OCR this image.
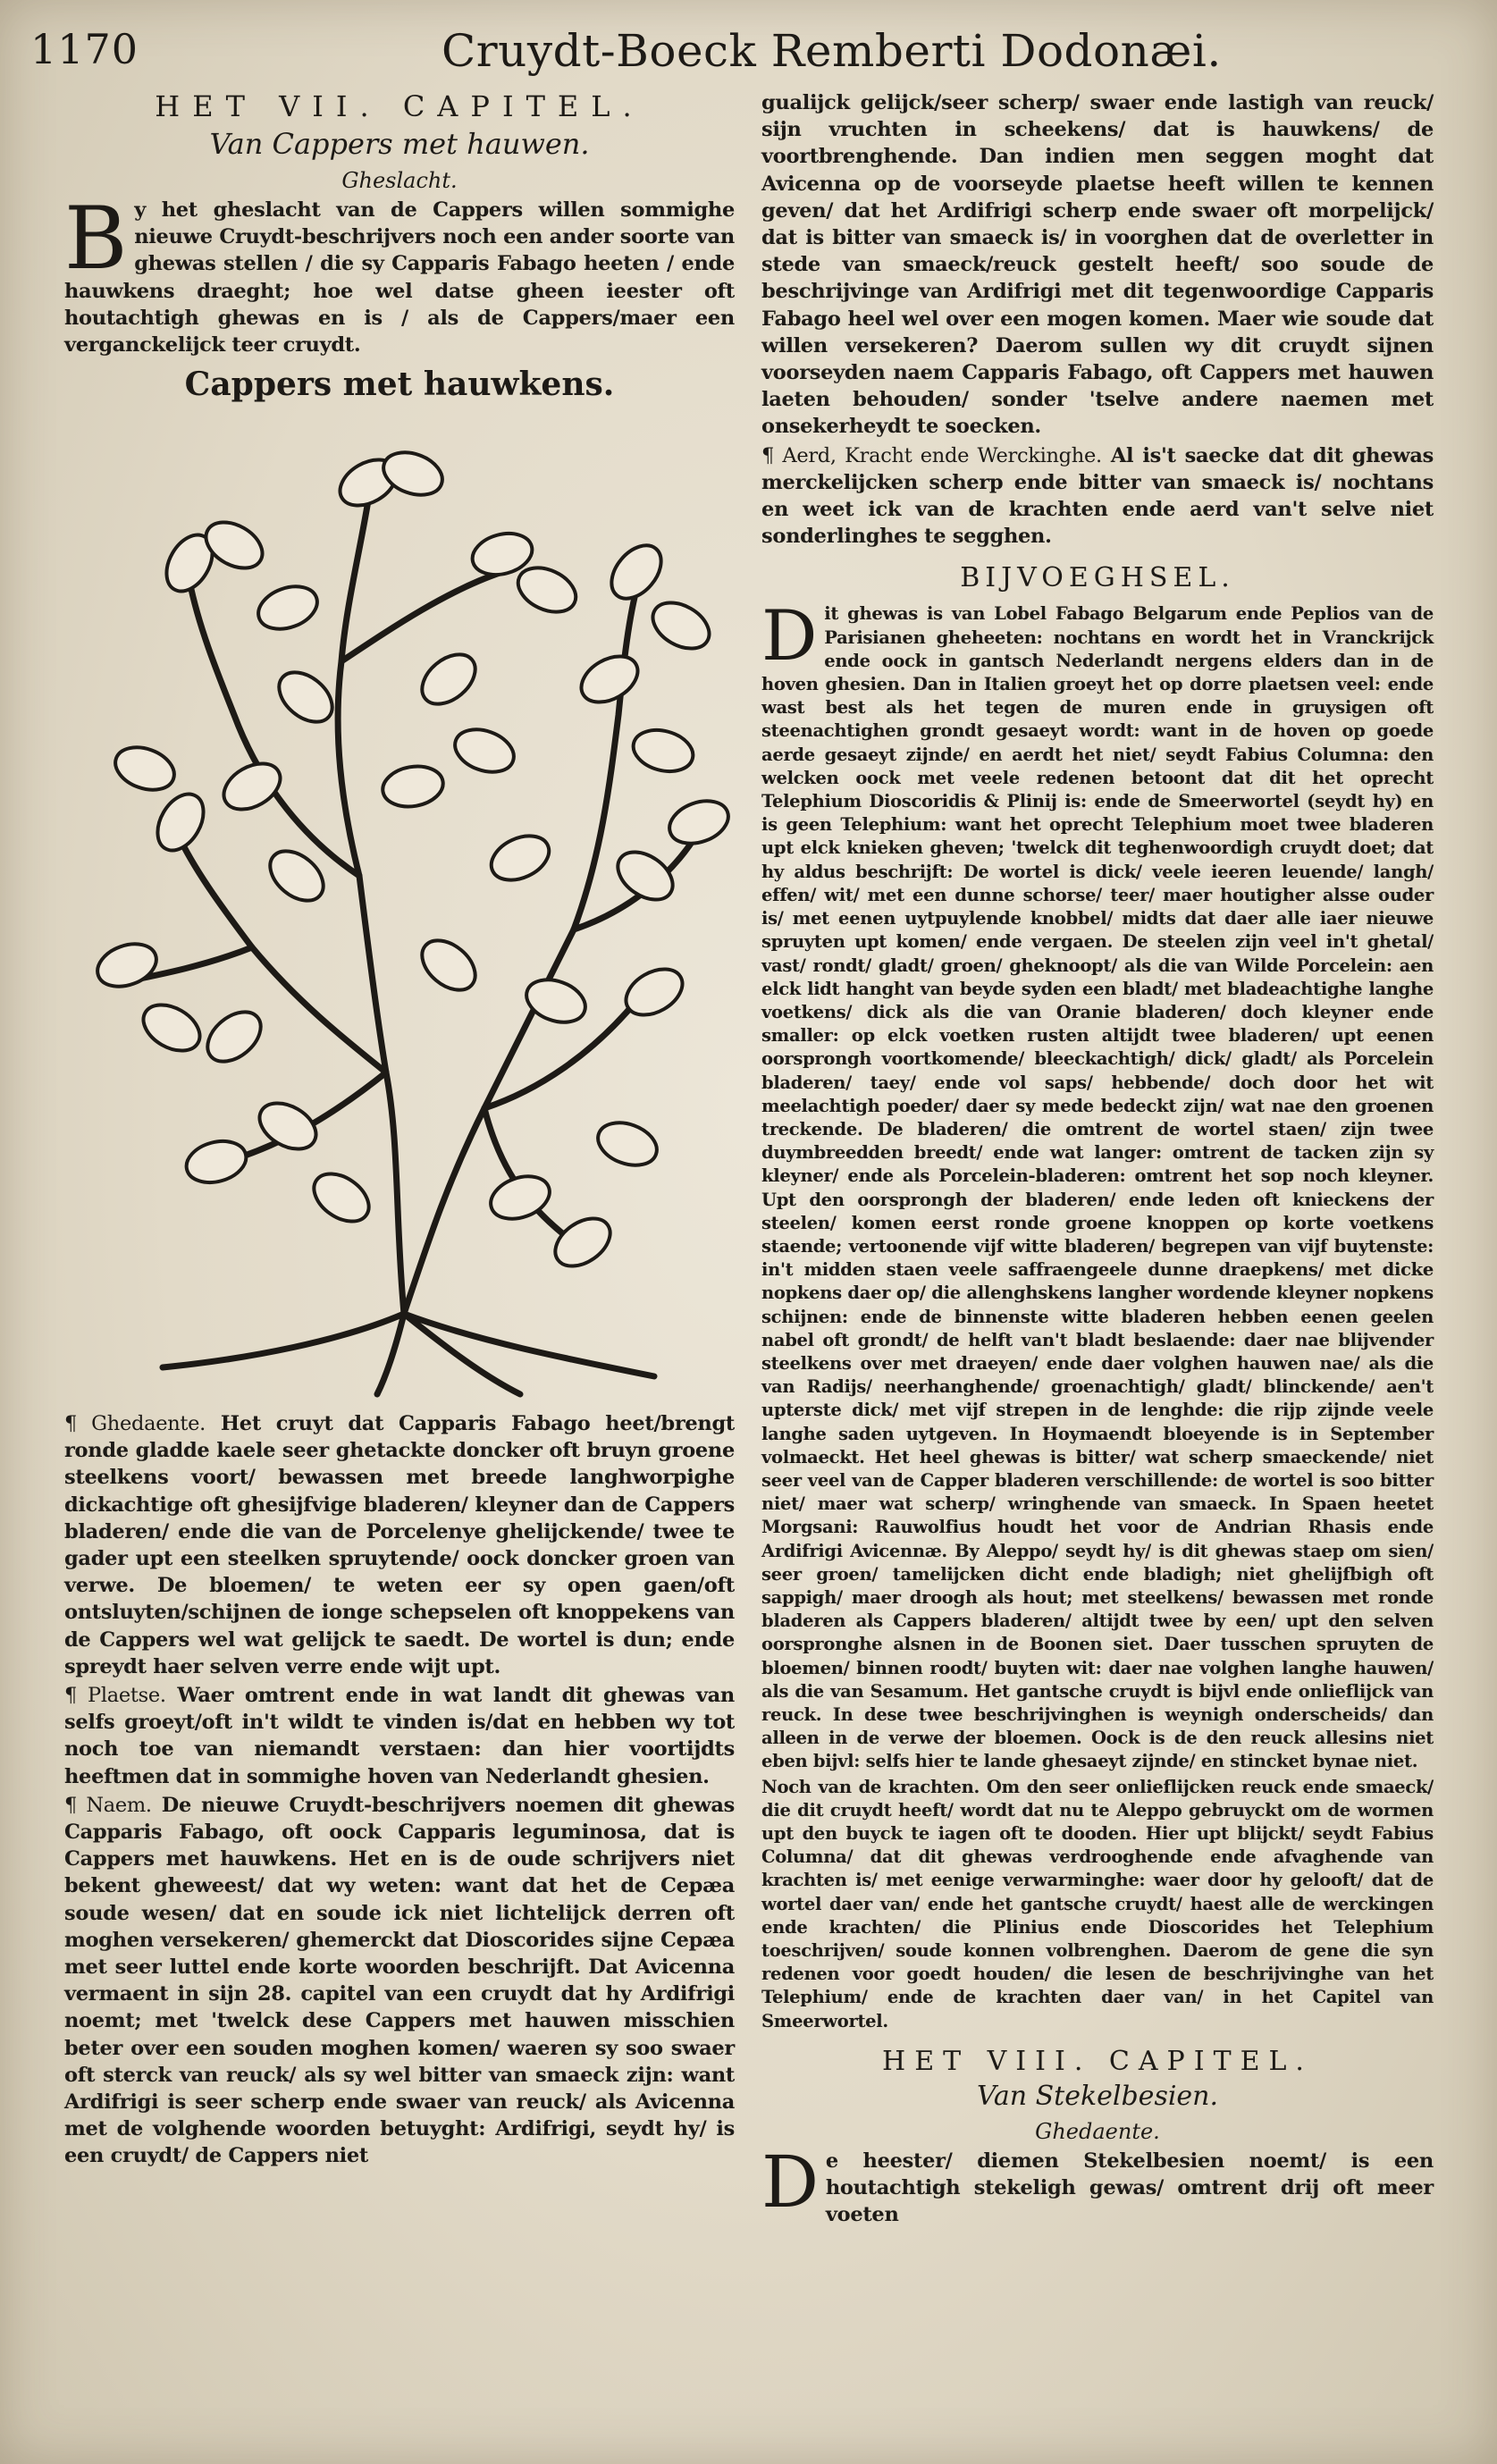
1170	Cruydt-Boeck Remberti Dodonæi.

HET VII. CAPITEL.

Van Cappers met hauwen.

Gheslacht.

By het gheslacht van de Cappers willen sommighe nieuwe Cruydt-beschrijvers noch een ander soorte van ghewas stellen / die sy Capparis Fabago heeten / ende hauwkens draeght; hoe wel datse gheen ieester oft houtachtigh ghewas en is / als de Cappers/maer een verganckelijck teer cruydt.

Cappers met hauwkens.

¶ Ghedaente. Het cruyt dat Capparis Fabago heet/brengt ronde gladde kaele seer ghetackte doncker oft bruyn groene steelkens voort/ bewassen met breede langhworpighe dickachtige oft ghesijfvige bladeren/ kleyner dan de Cappers bladeren/ ende die van de Porcelenye ghelijckende/ twee te gader upt een steelken spruytende/ oock doncker groen van verwe. De bloemen/ te weten eer sy open gaen/oft ontsluyten/schijnen de ionge schepselen oft knoppekens van de Cappers wel wat gelijck te saedt. De wortel is dun; ende spreydt haer selven verre ende wijt upt.

¶ Plaetse. Waer omtrent ende in wat landt dit ghewas van selfs groeyt/oft in't wildt te vinden is/dat en hebben wy tot noch toe van niemandt verstaen: dan hier voortijdts heeftmen dat in sommighe hoven van Nederlandt ghesien.

¶ Naem. De nieuwe Cruydt-beschrijvers noemen dit ghewas Capparis Fabago, oft oock Capparis leguminosa, dat is Cappers met hauwkens. Het en is de oude schrijvers niet bekent gheweest/ dat wy weten: want dat het de Cepæa soude wesen/ dat en soude ick niet lichtelijck derren oft moghen versekeren/ ghemerckt dat Dioscorides sijne Cepæa met seer luttel ende korte woorden beschrijft. Dat Avicenna vermaent in sijn 28. capitel van een cruydt dat hy Ardifrigi noemt; met 'twelck dese Cappers met hauwen misschien beter over een souden moghen komen/ waeren sy soo swaer oft sterck van reuck/ als sy wel bitter van smaeck zijn: want Ardifrigi is seer scherp ende swaer van reuck/ als Avicenna met de volghende woorden betuyght: Ardifrigi, seydt hy/ is een cruydt/ de Cappers niet

gualijck gelijck/seer scherp/ swaer ende lastigh van reuck/ sijn vruchten in scheekens/ dat is hauwkens/ de voortbrenghende. Dan indien men seggen moght dat Avicenna op de voorseyde plaetse heeft willen te kennen geven/ dat het Ardifrigi scherp ende swaer oft morpelijck/ dat is bitter van smaeck is/ in voorghen dat de overletter in stede van smaeck/reuck gestelt heeft/ soo soude de beschrijvinge van Ardifrigi met dit tegenwoordige Capparis Fabago heel wel over een mogen komen. Maer wie soude dat willen versekeren? Daerom sullen wy dit cruydt sijnen voorseyden naem Capparis Fabago, oft Cappers met hauwen laeten behouden/ sonder 'tselve andere naemen met onsekerheydt te soecken.

¶ Aerd, Kracht ende Werckinghe. Al is't saecke dat dit ghewas merckelijcken scherp ende bitter van smaeck is/ nochtans en weet ick van de krachten ende aerd van't selve niet sonderlinghes te segghen.

BIJVOEGHSEL.

Dit ghewas is van Lobel Fabago Belgarum ende Peplios van de Parisianen gheheeten: nochtans en wordt het in Vranckrijck ende oock in gantsch Nederlandt nergens elders dan in de hoven ghesien. Dan in Italien groeyt het op dorre plaetsen veel: ende wast best als het tegen de muren ende in gruysigen oft steenachtighen grondt gesaeyt wordt: want in de hoven op goede aerde gesaeyt zijnde/ en aerdt het niet/ seydt Fabius Columna: den welcken oock met veele redenen betoont dat dit het oprecht Telephium Dioscoridis & Plinij is: ende de Smeerwortel (seydt hy) en is geen Telephium: want het oprecht Telephium moet twee bladeren upt elck knieken gheven; 'twelck dit teghenwoordigh cruydt doet; dat hy aldus beschrijft: De wortel is dick/ veele ieeren leuende/ langh/ effen/ wit/ met een dunne schorse/ teer/ maer houtigher alsse ouder is/ met eenen uytpuylende knobbel/ midts dat daer alle iaer nieuwe spruyten upt komen/ ende vergaen. De steelen zijn veel in't ghetal/ vast/ rondt/ gladt/ groen/ gheknoopt/ als die van Wilde Porcelein: aen elck lidt hanght van beyde syden een bladt/ met bladeachtighe langhe voetkens/ dick als die van Oranie bladeren/ doch kleyner ende smaller: op elck voetken rusten altijdt twee bladeren/ upt eenen oorsprongh voortkomende/ bleeckachtigh/ dick/ gladt/ als Porcelein bladeren/ taey/ ende vol saps/ hebbende/ doch door het wit meelachtigh poeder/ daer sy mede bedeckt zijn/ wat nae den groenen treckende. De bladeren/ die omtrent de wortel staen/ zijn twee duymbreedden breedt/ ende wat langer: omtrent de tacken zijn sy kleyner/ ende als Porcelein-bladeren: omtrent het sop noch kleyner. Upt den oorsprongh der bladeren/ ende leden oft knieckens der steelen/ komen eerst ronde groene knoppen op korte voetkens staende; vertoonende vijf witte bladeren/ begrepen van vijf buytenste: in't midden staen veele saffraengeele dunne draepkens/ met dicke nopkens daer op/ die allenghskens langher wordende kleyner nopkens schijnen: ende de binnenste witte bladeren hebben eenen geelen nabel oft grondt/ de helft van't bladt beslaende: daer nae blijvender steelkens over met draeyen/ ende daer volghen hauwen nae/ als die van Radijs/ neerhanghende/ groenachtigh/ gladt/ blinckende/ aen't upterste dick/ met vijf strepen in de lenghde: die rijp zijnde veele langhe saden uytgeven. In Hoymaendt bloeyende is in September volmaeckt. Het heel ghewas is bitter/ wat scherp smaeckende/ niet seer veel van de Capper bladeren verschillende: de wortel is soo bitter niet/ maer wat scherp/ wringhende van smaeck. In Spaen heetet Morgsani: Rauwolfius houdt het voor de Andrian Rhasis ende Ardifrigi Avicennæ. By Aleppo/ seydt hy/ is dit ghewas staep om sien/ seer groen/ tamelijcken dicht ende bladigh; niet ghelijfbigh oft sappigh/ maer droogh als hout; met steelkens/ bewassen met ronde bladeren als Cappers bladeren/ altijdt twee by een/ upt den selven oorspronghe alsnen in de Boonen siet. Daer tusschen spruyten de bloemen/ binnen roodt/ buyten wit: daer nae volghen langhe hauwen/ als die van Sesamum. Het gantsche cruydt is bijvl ende onlieflijck van reuck. In dese twee beschrijvinghen is weynigh onderscheids/ dan alleen in de verwe der bloemen. Oock is de den reuck allesins niet eben bijvl: selfs hier te lande ghesaeyt zijnde/ en stincket bynae niet.

Noch van de krachten. Om den seer onlieflijcken reuck ende smaeck/ die dit cruydt heeft/ wordt dat nu te Aleppo gebruyckt om de wormen upt den buyck te iagen oft te dooden. Hier upt blijckt/ seydt Fabius Columna/ dat dit ghewas verdrooghende ende afvaghende van krachten is/ met eenige verwarminghe: waer door hy gelooft/ dat de wortel daer van/ ende het gantsche cruydt/ haest alle de werckingen ende krachten/ die Plinius ende Dioscorides het Telephium toeschrijven/ soude konnen volbrenghen. Daerom de gene die syn redenen voor goedt houden/ die lesen de beschrijvinghe van het Telephium/ ende de krachten daer van/ in het Capitel van Smeerwortel.

HET VIII. CAPITEL.

Van Stekelbesien.

Ghedaente.

De heester/ diemen Stekelbesien noemt/ is een houtachtigh stekeligh gewas/ omtrent drij oft meer voeten
